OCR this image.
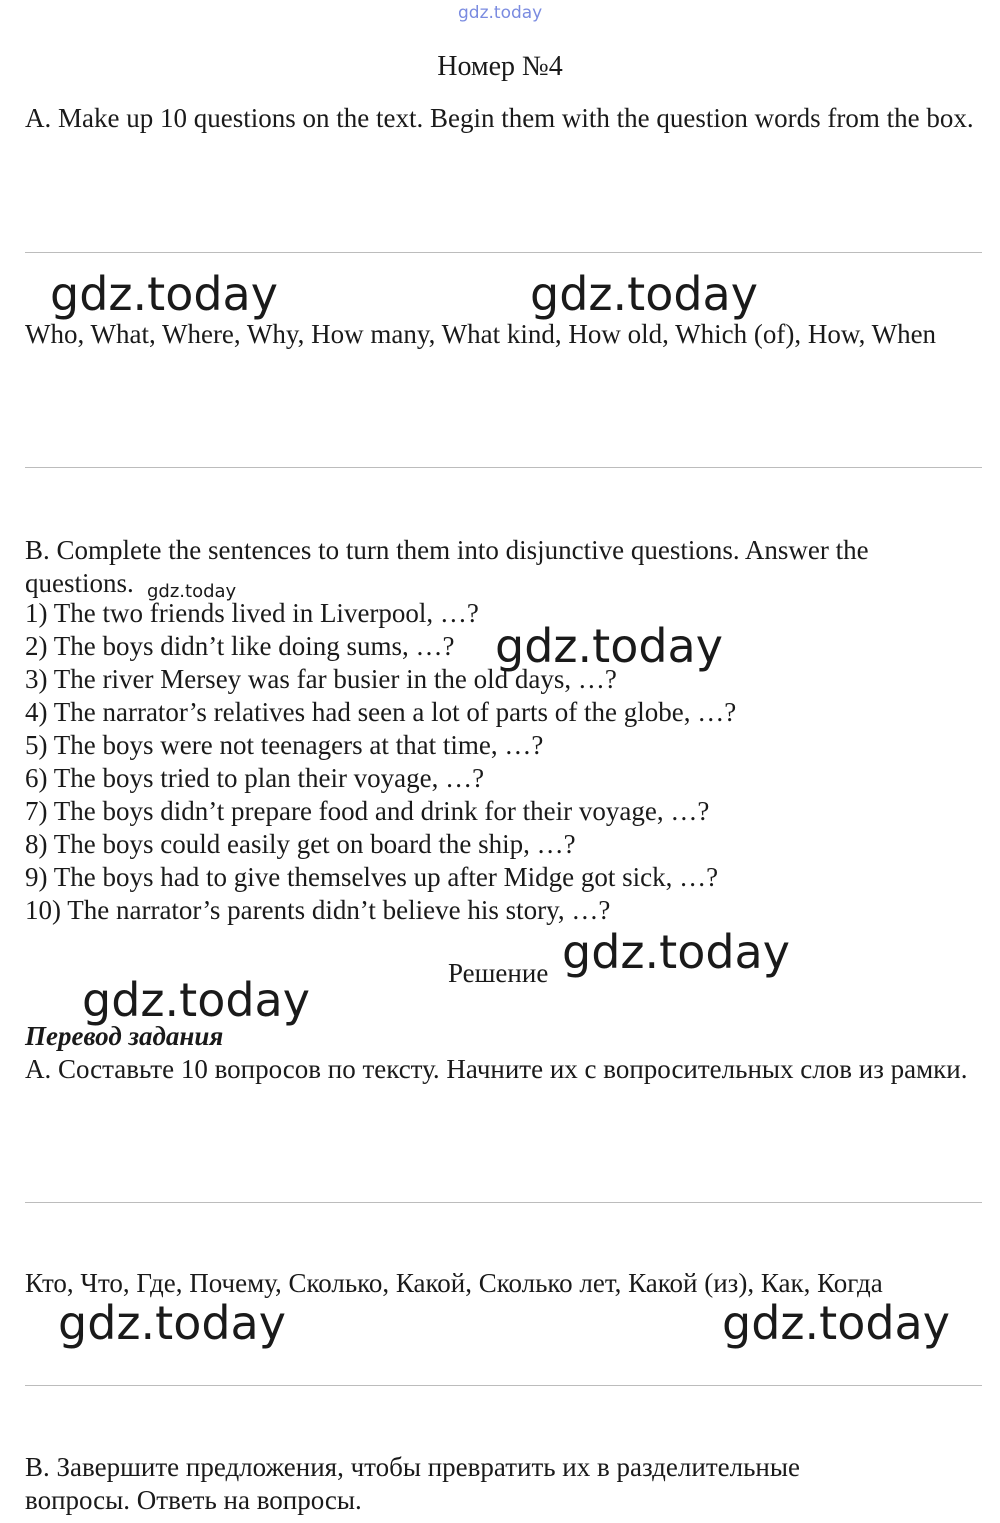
gdz.today
Номер №4
A. Make up 10 questions on the text. Begin them with the question words from the box.
gdz.today	gdz.today
Who, What, Where, Why, How many, What kind, How old, Which (of), How, When
B. Complete the sentences to turn them into disjunctive questions. Answer the questions. gdz.today
1) The two friends lived in Liverpool, …?
2) The boys didn’t like doing sums, …?
3) The river Mersey was far busier in the old days, …?
4) The narrator’s relatives had seen a lot of parts of the globe, …?
5) The boys were not teenagers at that time, …?
6) The boys tried to plan their voyage, …?
7) The boys didn’t prepare food and drink for their voyage, …?
8) The boys could easily get on board the ship, …?
9) The boys had to give themselves up after Midge got sick, …?
10) The narrator’s parents didn’t believe his story, …?
gdz.today
Решение gdz.today
gdz.today
Перевод задания
А. Составьте 10 вопросов по тексту. Начните их с вопросительных слов из рамки.
Кто, Что, Где, Почему, Сколько, Какой, Сколько лет, Какой (из), Как, Когда
gdz.today	gdz.today
В. Завершите предложения, чтобы превратить их в разделительные вопросы. Ответь на вопросы.
